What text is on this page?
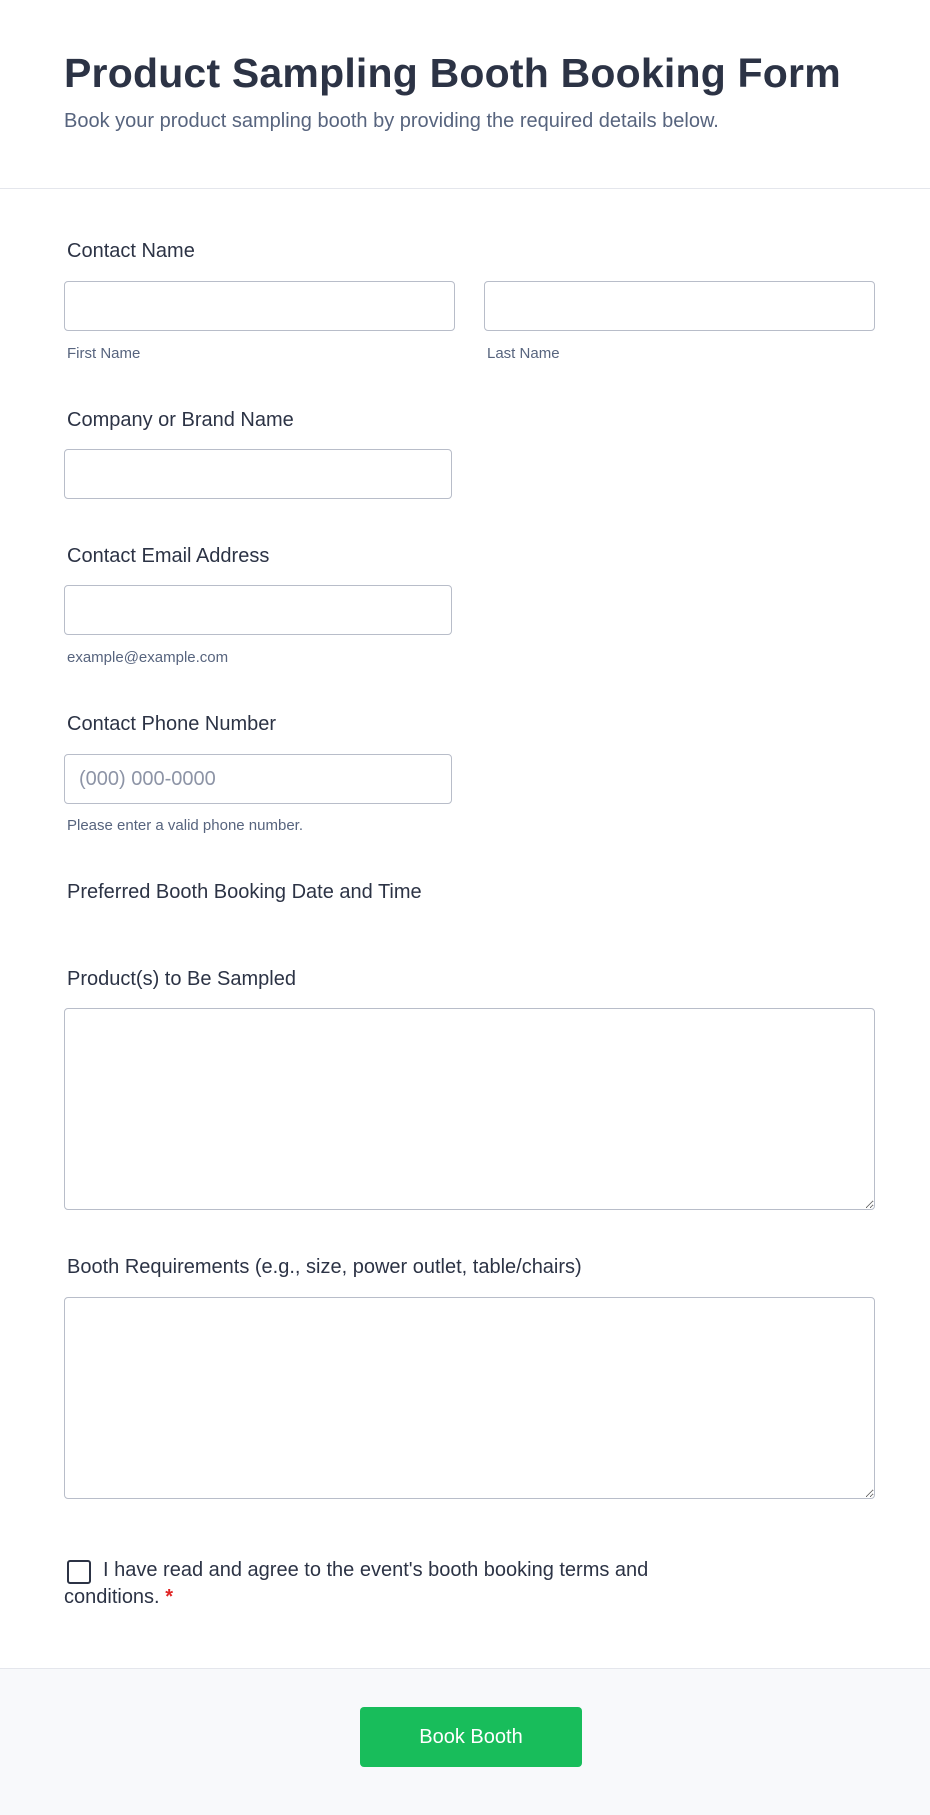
Product Sampling Booth Booking Form

Book your product sampling booth by providing the required details below.

Contact Name
First Name	Last Name
Company or Brand Name
Contact Email Address
example@example.com
Contact Phone Number
(000) 000-0000
Please enter a valid phone number.
Preferred Booth Booking Date and Time
Product(s) to Be Sampled
Booth Requirements (e.g., size, power outlet, table/chairs)
I have read and agree to the event's booth booking terms and
conditions. *
Book Booth
